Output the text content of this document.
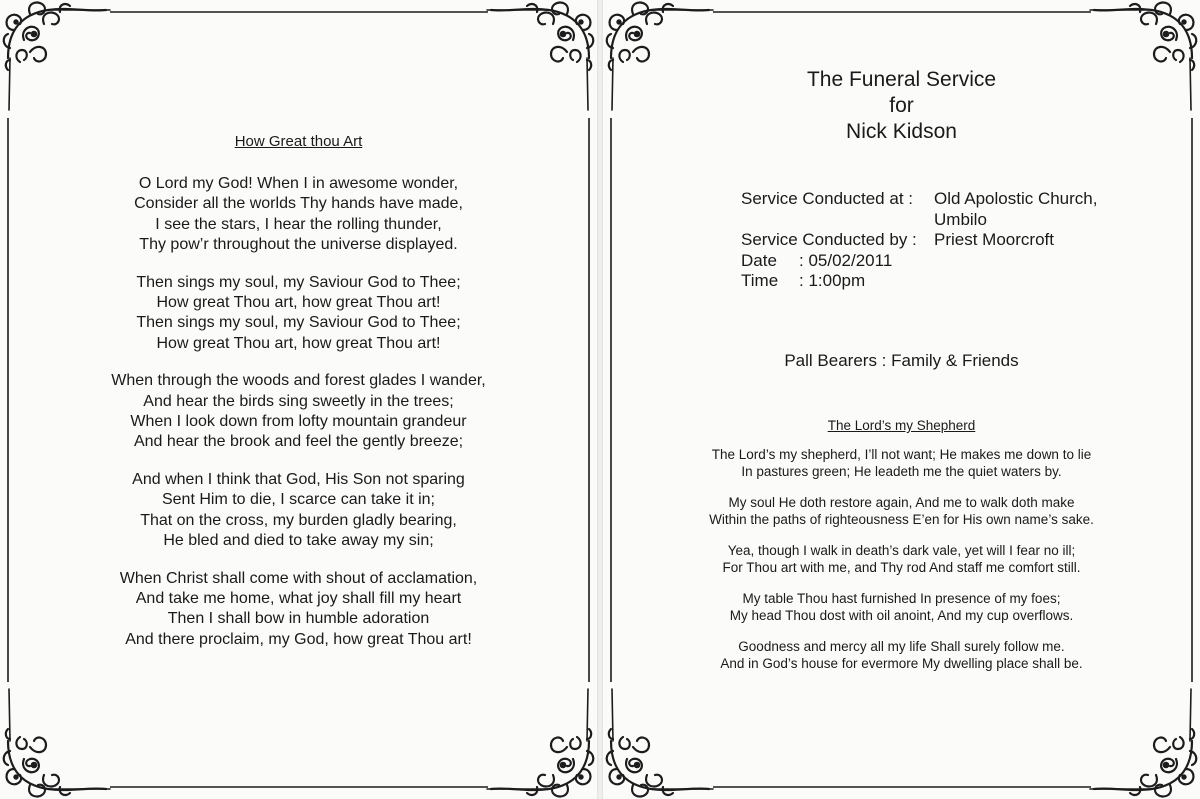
How Great thou Art

O Lord my God! When I in awesome wonder,
Consider all the worlds Thy hands have made,
I see the stars, I hear the rolling thunder,
Thy pow’r throughout the universe displayed.

Then sings my soul, my Saviour God to Thee;
How great Thou art, how great Thou art!
Then sings my soul, my Saviour God to Thee;
How great Thou art, how great Thou art!

When through the woods and forest glades I wander,
And hear the birds sing sweetly in the trees;
When I look down from lofty mountain grandeur
And hear the brook and feel the gently breeze;

And when I think that God, His Son not sparing
Sent Him to die, I scarce can take it in;
That on the cross, my burden gladly bearing,
He bled and died to take away my sin;

When Christ shall come with shout of acclamation,
And take me home, what joy shall fill my heart
Then I shall bow in humble adoration
And there proclaim, my God, how great Thou art!

The Funeral Service
for
Nick Kidson
Service Conducted at :	Old Apolostic Church, Umbilo
Service Conducted by :	Priest Moorcroft
Date	: 05/02/2011
Time	: 1:00pm
Pall Bearers : Family & Friends

The Lord’s my Shepherd

The Lord’s my shepherd, I’ll not want; He makes me down to lie
In pastures green; He leadeth me the quiet waters by.

My soul He doth restore again, And me to walk doth make
Within the paths of righteousness E’en for His own name’s sake.

Yea, though I walk in death’s dark vale, yet will I fear no ill;
For Thou art with me, and Thy rod And staff me comfort still.

My table Thou hast furnished In presence of my foes;
My head Thou dost with oil anoint, And my cup overflows.

Goodness and mercy all my life Shall surely follow me.
And in God’s house for evermore My dwelling place shall be.
